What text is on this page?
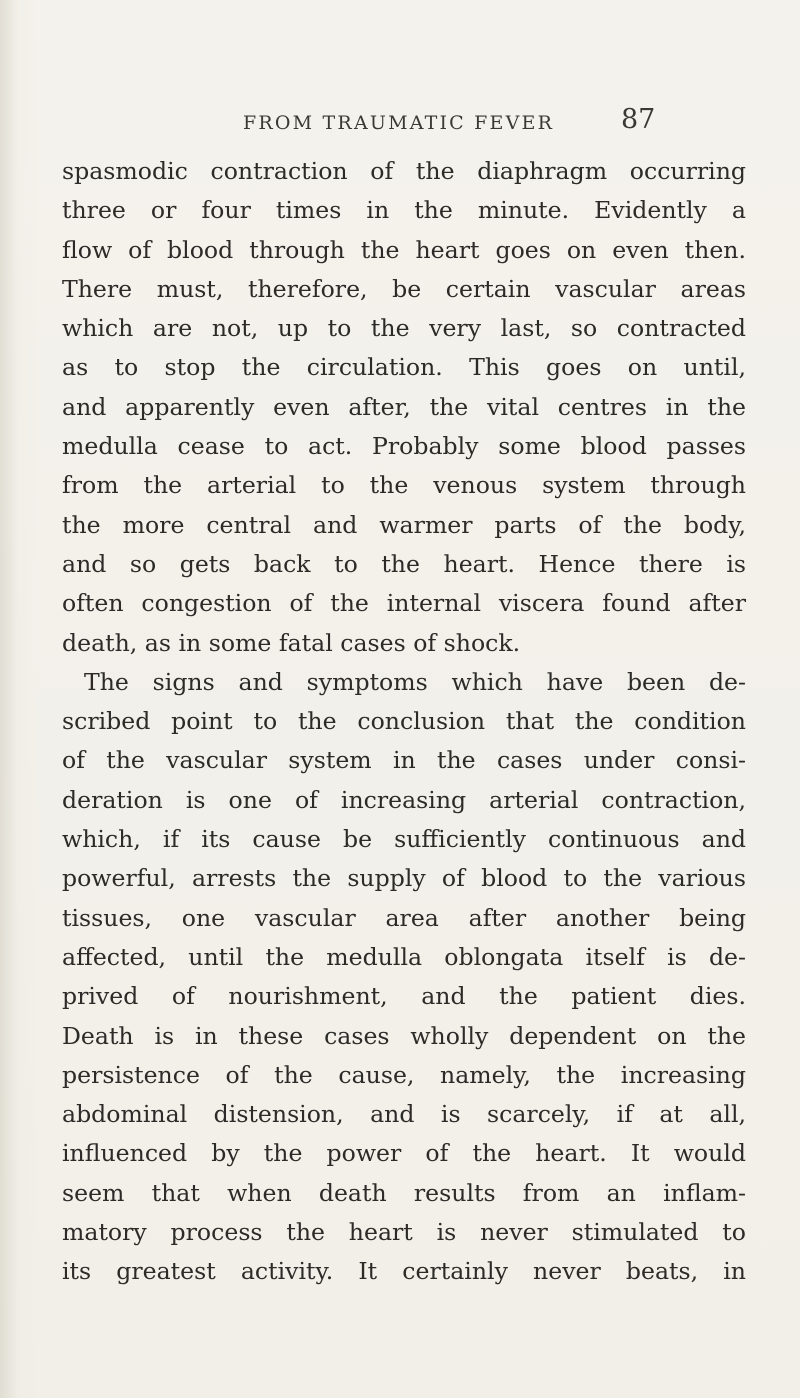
FROM TRAUMATIC FEVER 87
spasmodic contraction of the diaphragm occurring
three or four times in the minute. Evidently a
flow of blood through the heart goes on even then.
There must, therefore, be certain vascular areas
which are not, up to the very last, so contracted
as to stop the circulation. This goes on until,
and apparently even after, the vital centres in the
medulla cease to act. Probably some blood passes
from the arterial to the venous system through
the more central and warmer parts of the body,
and so gets back to the heart. Hence there is
often congestion of the internal viscera found after
death, as in some fatal cases of shock.
The signs and symptoms which have been de-
scribed point to the conclusion that the condition
of the vascular system in the cases under consi-
deration is one of increasing arterial contraction,
which, if its cause be sufficiently continuous and
powerful, arrests the supply of blood to the various
tissues, one vascular area after another being
affected, until the medulla oblongata itself is de-
prived of nourishment, and the patient dies.
Death is in these cases wholly dependent on the
persistence of the cause, namely, the increasing
abdominal distension, and is scarcely, if at all,
influenced by the power of the heart. It would
seem that when death results from an inflam-
matory process the heart is never stimulated to
its greatest activity. It certainly never beats, in
